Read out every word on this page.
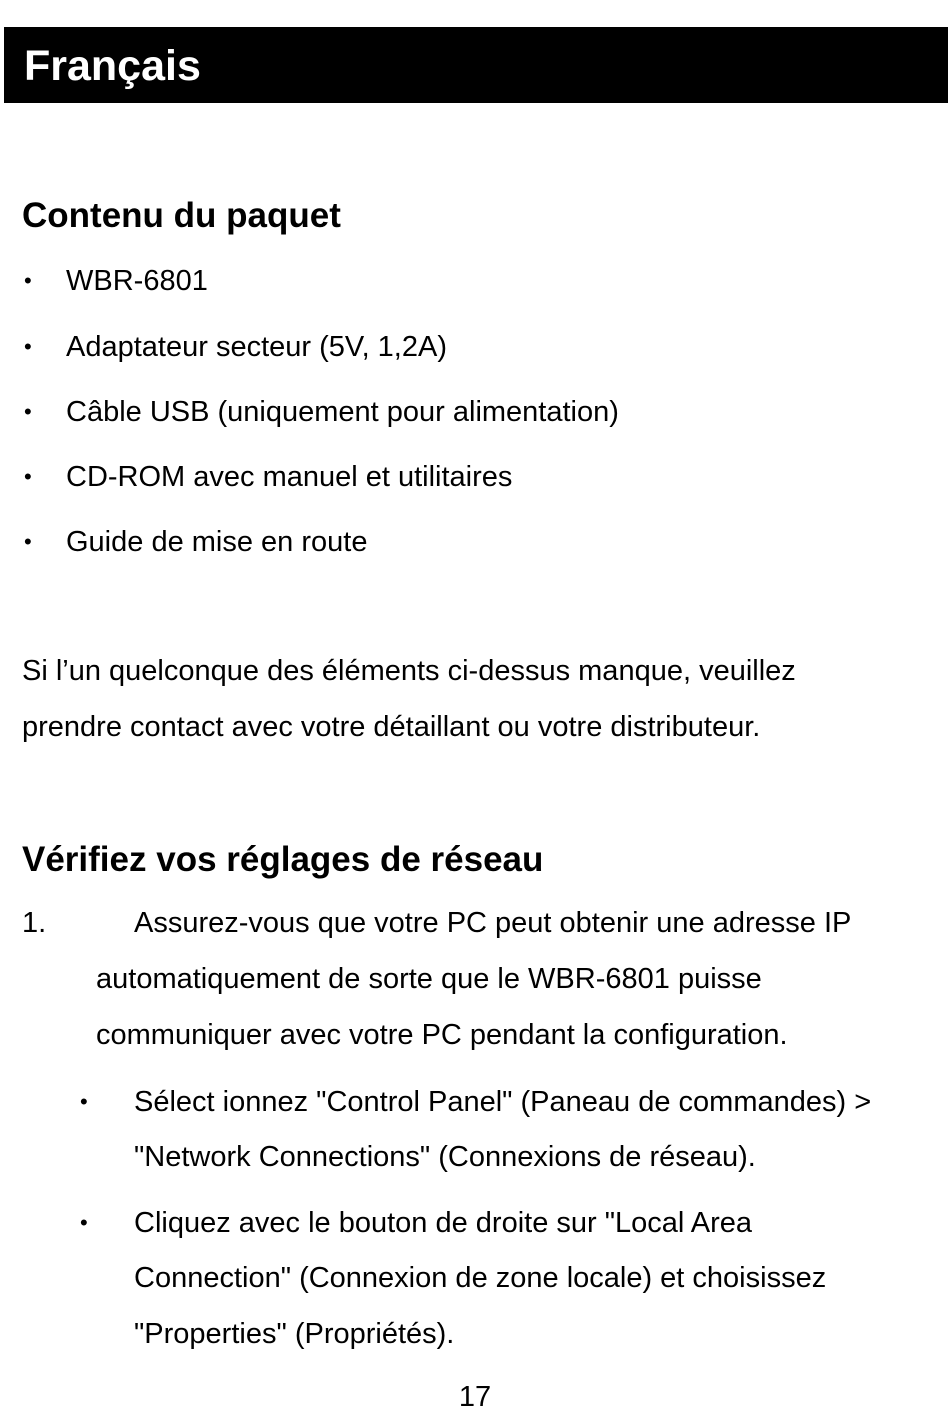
Français
Contenu du paquet
• WBR-6801
• Adaptateur secteur (5V, 1,2A)
• Câble USB (uniquement pour alimentation)
• CD-ROM avec manuel et utilitaires
• Guide de mise en route
Si l’un quelconque des éléments ci-dessus manque, veuillez
prendre contact avec votre détaillant ou votre distributeur.
Vérifiez vos réglages de réseau
1.	Assurez-vous que votre PC peut obtenir une adresse IP
automatiquement de sorte que le WBR-6801 puisse
communiquer avec votre PC pendant la configuration.
• Sélect ionnez "Control Panel" (Paneau de commandes) >
"Network Connections" (Connexions de réseau).
• Cliquez avec le bouton de droite sur "Local Area
Connection" (Connexion de zone locale) et choisissez
"Properties" (Propriétés).
17
